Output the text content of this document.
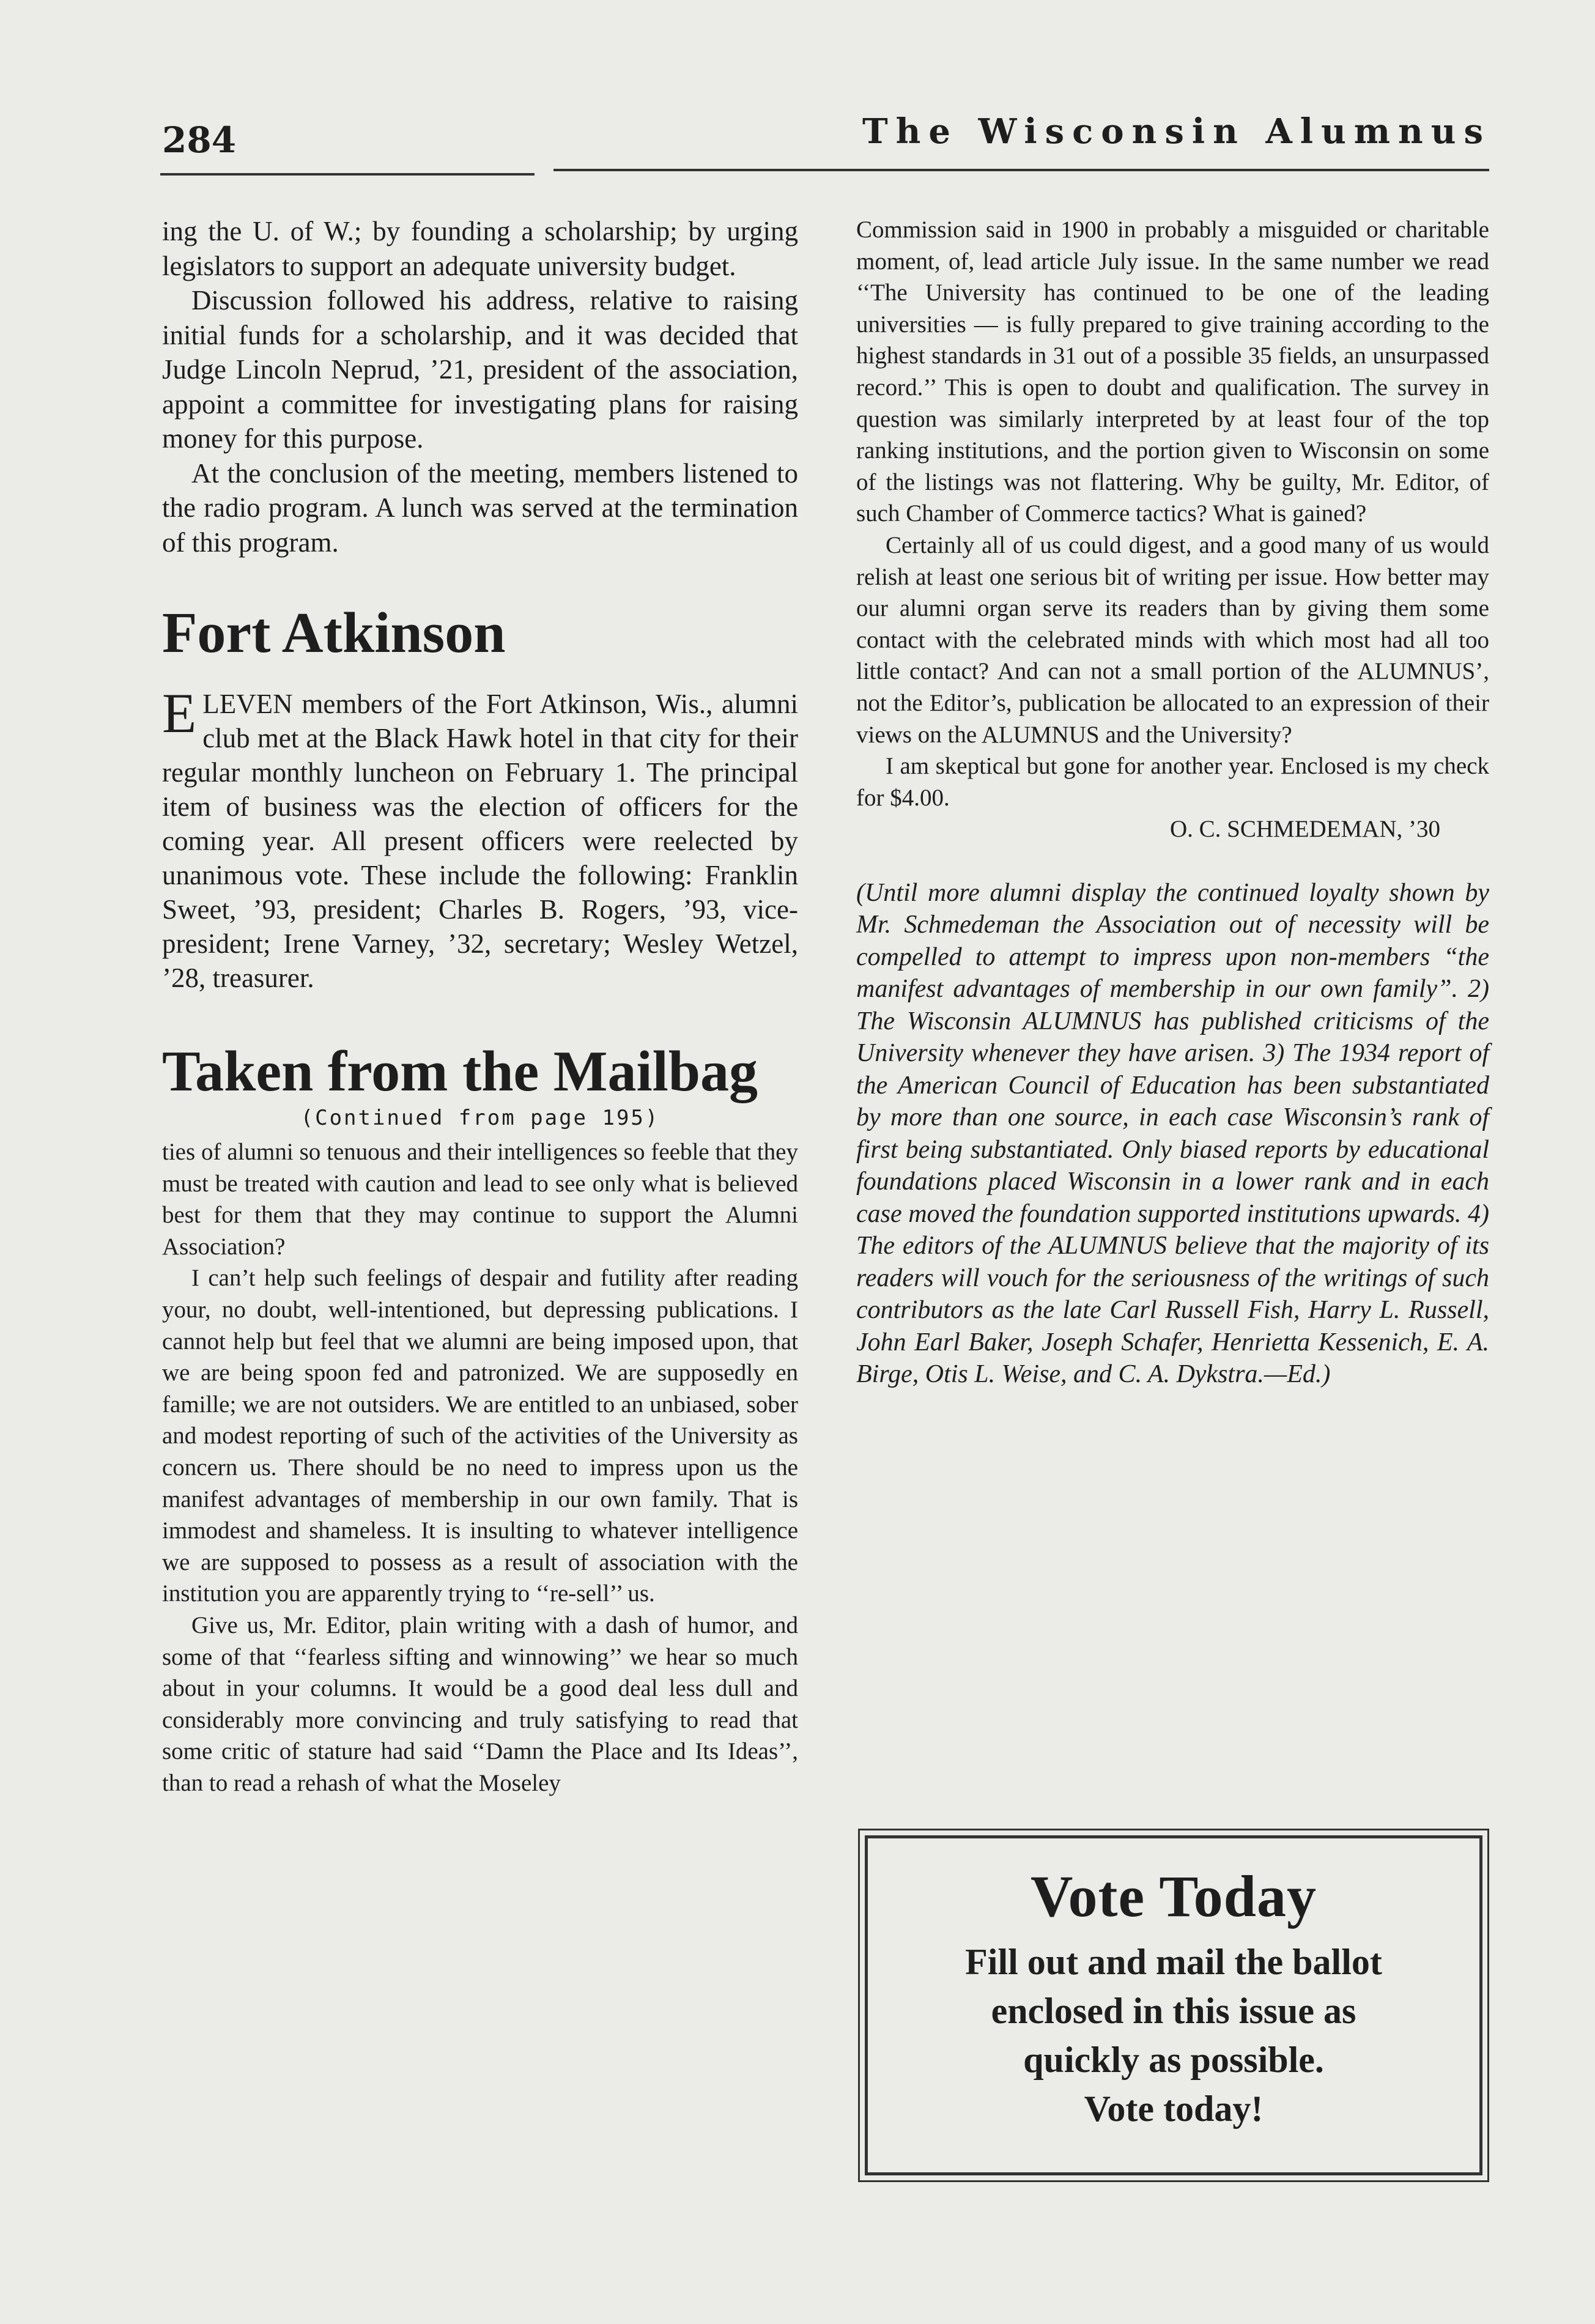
284	The Wisconsin Alumnus

ing the U. of W.; by founding a scholarship; by urging legislators to support an adequate university budget.

Discussion followed his address, relative to raising initial funds for a scholarship, and it was decided that Judge Lincoln Neprud, ’21, president of the association, appoint a committee for investigating plans for raising money for this purpose.

At the conclusion of the meeting, members listened to the radio program. A lunch was served at the termination of this program.

Fort Atkinson

ELEVEN members of the Fort Atkinson, Wis., alumni club met at the Black Hawk hotel in that city for their regular monthly luncheon on February 1. The principal item of business was the election of officers for the coming year. All present officers were reelected by unanimous vote. These include the following: Franklin Sweet, ’93, president; Charles B. Rogers, ’93, vice-president; Irene Varney, ’32, secretary; Wesley Wetzel, ’28, treasurer.

Taken from the Mailbag
(Continued from page 195)

ties of alumni so tenuous and their intelligences so feeble that they must be treated with caution and lead to see only what is believed best for them that they may continue to support the Alumni Association?

I can’t help such feelings of despair and futility after reading your, no doubt, well-intentioned, but depressing publications. I cannot help but feel that we alumni are being imposed upon, that we are being spoon fed and patronized. We are supposedly en famille; we are not outsiders. We are entitled to an unbiased, sober and modest reporting of such of the activities of the University as concern us. There should be no need to impress upon us the manifest advantages of membership in our own family. That is immodest and shameless. It is insulting to whatever intelligence we are supposed to possess as a result of association with the institution you are apparently trying to ‘‘re-sell’’ us.

Give us, Mr. Editor, plain writing with a dash of humor, and some of that ‘‘fearless sifting and winnowing’’ we hear so much about in your columns. It would be a good deal less dull and considerably more convincing and truly satisfying to read that some critic of stature had said ‘‘Damn the Place and Its Ideas’’, than to read a rehash of what the Moseley

Commission said in 1900 in probably a misguided or charitable moment, of, lead article July issue. In the same number we read ‘‘The University has continued to be one of the leading universities — is fully prepared to give training according to the highest standards in 31 out of a possible 35 fields, an unsurpassed record.’’ This is open to doubt and qualification. The survey in question was similarly interpreted by at least four of the top ranking institutions, and the portion given to Wisconsin on some of the listings was not flattering. Why be guilty, Mr. Editor, of such Chamber of Commerce tactics? What is gained?

Certainly all of us could digest, and a good many of us would relish at least one serious bit of writing per issue. How better may our alumni organ serve its readers than by giving them some contact with the celebrated minds with which most had all too little contact? And can not a small portion of the ALUMNUS’, not the Editor’s, publication be allocated to an expression of their views on the ALUMNUS and the University?

I am skeptical but gone for another year. Enclosed is my check for $4.00.

O. C. SCHMEDEMAN, ’30

(Until more alumni display the continued loyalty shown by Mr. Schmedeman the Association out of necessity will be compelled to attempt to impress upon non-members “the manifest advantages of membership in our own family”. 2) The Wisconsin ALUMNUS has published criticisms of the University whenever they have arisen. 3) The 1934 report of the American Council of Education has been substantiated by more than one source, in each case Wisconsin’s rank of first being substantiated. Only biased reports by educational foundations placed Wisconsin in a lower rank and in each case moved the foundation supported institutions upwards. 4) The editors of the ALUMNUS believe that the majority of its readers will vouch for the seriousness of the writings of such contributors as the late Carl Russell Fish, Harry L. Russell, John Earl Baker, Joseph Schafer, Henrietta Kessenich, E. A. Birge, Otis L. Weise, and C. A. Dykstra.—Ed.)

Vote Today
Fill out and mail the ballot
enclosed in this issue as
quickly as possible.
Vote today!
